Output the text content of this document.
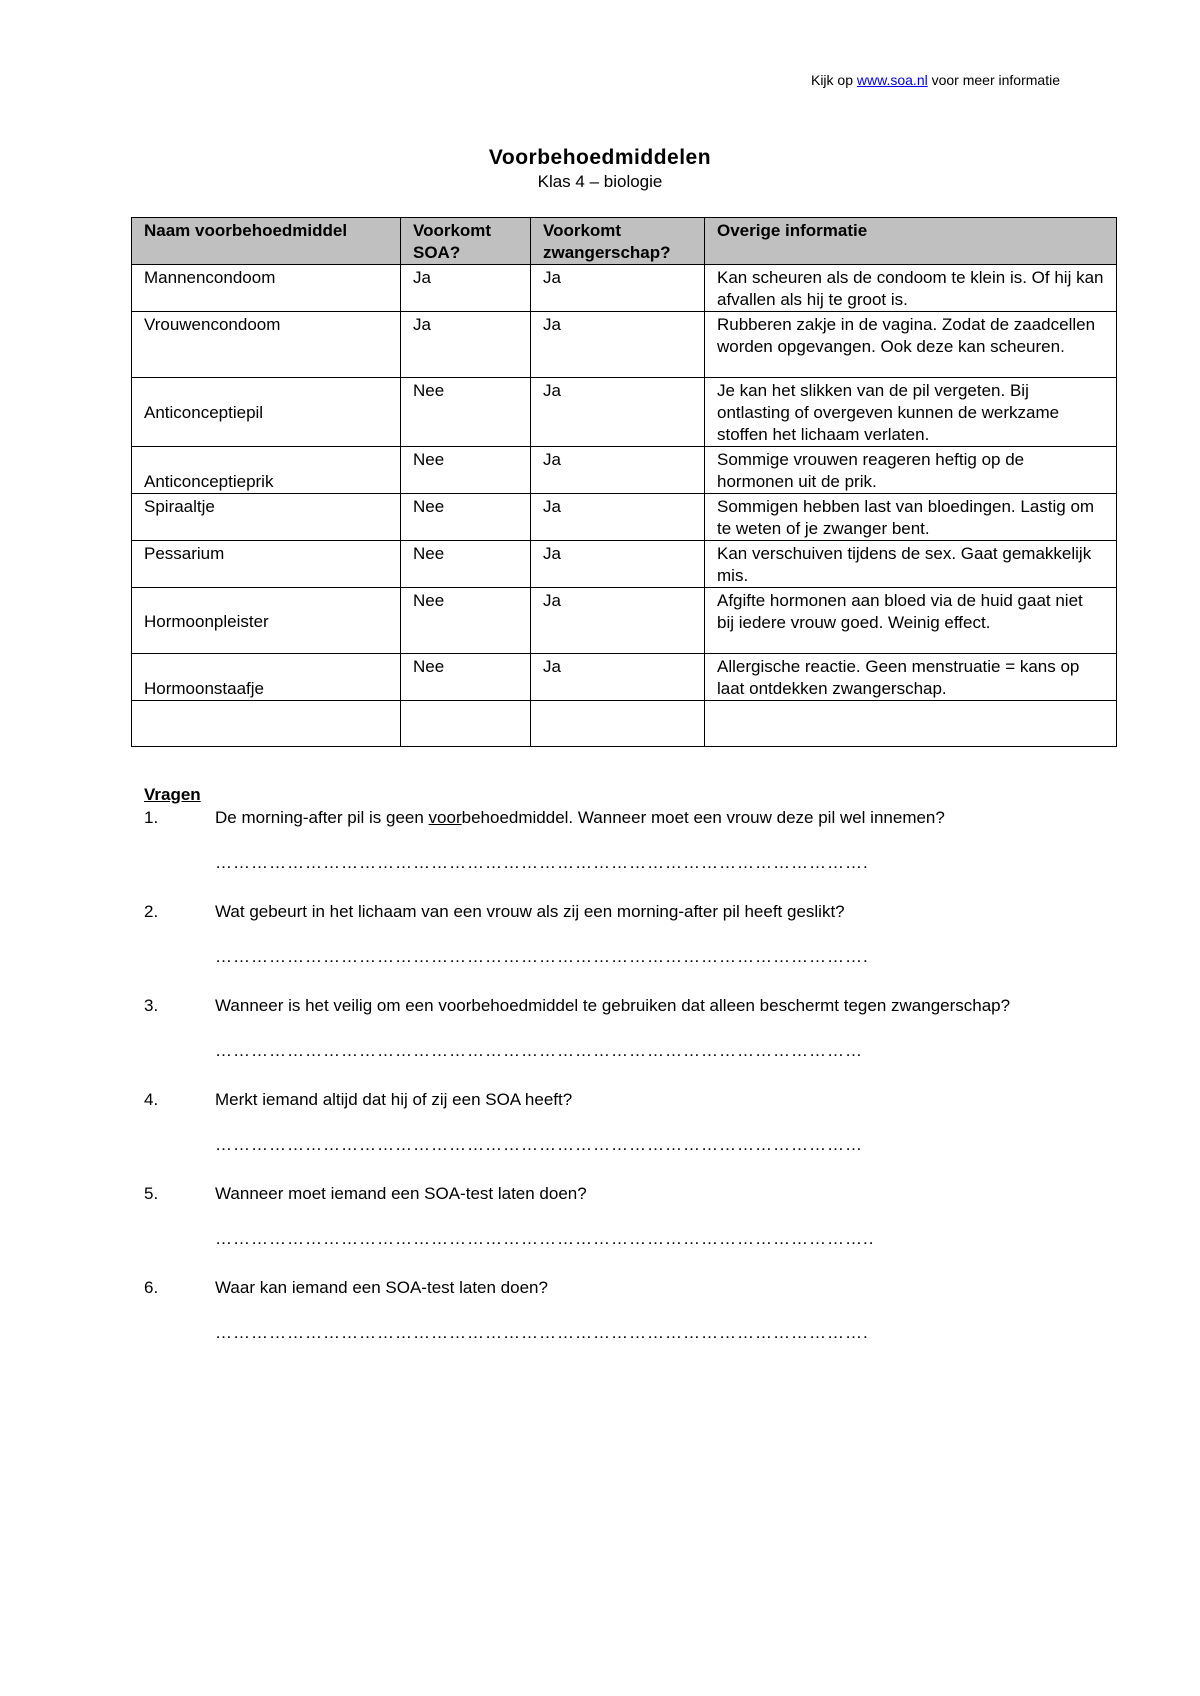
Kijk op www.soa.nl voor meer informatie
Voorbehoedmiddelen
Klas 4 – biologie
Naam voorbehoedmiddel	Voorkomt SOA?	Voorkomt zwangerschap?	Overige informatie
Mannencondoom	Ja	Ja	Kan scheuren als de condoom te klein is. Of hij kan afvallen als hij te groot is.
Vrouwencondoom	Ja	Ja	Rubberen zakje in de vagina. Zodat de zaadcellen worden opgevangen. Ook deze kan scheuren.
Anticonceptiepil	Nee	Ja	Je kan het slikken van de pil vergeten. Bij ontlasting of overgeven kunnen de werkzame stoffen het lichaam verlaten.
Anticonceptieprik	Nee	Ja	Sommige vrouwen reageren heftig op de hormonen uit de prik.
Spiraaltje	Nee	Ja	Sommigen hebben last van bloedingen. Lastig om te weten of je zwanger bent.
Pessarium	Nee	Ja	Kan verschuiven tijdens de sex. Gaat gemakkelijk mis.
Hormoonpleister	Nee	Ja	Afgifte hormonen aan bloed via de huid gaat niet bij iedere vrouw goed. Weinig effect.
Hormoonstaafje	Nee	Ja	Allergische reactie. Geen menstruatie = kans op laat ontdekken zwangerschap.

Vragen
1.	De morning-after pil is geen voorbehoedmiddel. Wanneer moet een vrouw deze pil wel innemen?
……………………………………………………………………………………………….
2.	Wat gebeurt in het lichaam van een vrouw als zij een morning-after pil heeft geslikt?
……………………………………………………………………………………………….
3.	Wanneer is het veilig om een voorbehoedmiddel te gebruiken dat alleen beschermt tegen zwangerschap?
………………………………………………………………………………………………
4.	Merkt iemand altijd dat hij of zij een SOA heeft?
………………………………………………………………………………………………
5.	Wanneer moet iemand een SOA-test laten doen?
………………………………………………………………………………………………..
6.	Waar kan iemand een SOA-test laten doen?
……………………………………………………………………………………………….
